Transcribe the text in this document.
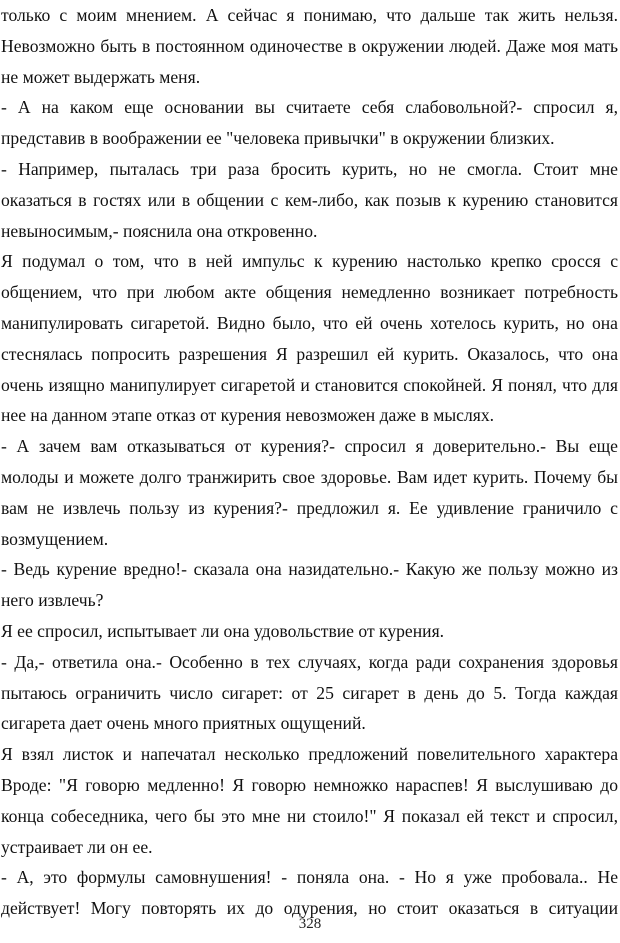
только с моим мнением. А сейчас я понимаю, что дальше так жить нельзя.
Невозможно быть в постоянном одиночестве в окружении людей. Даже моя мать
не может выдержать меня.
- А на каком еще основании вы считаете себя слабовольной?- спросил я,
представив в воображении ее "человека привычки" в окружении близких.
- Например, пыталась три раза бросить курить, но не смогла. Стоит мне
оказаться в гостях или в общении с кем-либо, как позыв к курению становится
невыносимым,- пояснила она откровенно.
Я подумал о том, что в ней импульс к курению настолько крепко сросся с
общением, что при любом акте общения немедленно возникает потребность
манипулировать сигаретой. Видно было, что ей очень хотелось курить, но она
стеснялась попросить разрешения Я разрешил ей курить. Оказалось, что она
очень изящно манипулирует сигаретой и становится спокойней. Я понял, что для
нее на данном этапе отказ от курения невозможен даже в мыслях.
- А зачем вам отказываться от курения?- спросил я доверительно.- Вы еще
молоды и можете долго транжирить свое здоровье. Вам идет курить. Почему бы
вам не извлечь пользу из курения?- предложил я. Ее удивление граничило с
возмущением.
- Ведь курение вредно!- сказала она назидательно.- Какую же пользу можно из
него извлечь?
Я ее спросил, испытывает ли она удовольствие от курения.
- Да,- ответила она.- Особенно в тех случаях, когда ради сохранения здоровья
пытаюсь ограничить число сигарет: от 25 сигарет в день до 5. Тогда каждая
сигарета дает очень много приятных ощущений.
Я взял листок и напечатал несколько предложений повелительного характера
Вроде: "Я говорю медленно! Я говорю немножко нараспев! Я выслушиваю до
конца собеседника, чего бы это мне ни стоило!" Я показал ей текст и спросил,
устраивает ли он ее.
- А, это формулы самовнушения! - поняла она. - Но я уже пробовала.. Не
действует! Могу повторять их до одурения, но стоит оказаться в ситуации
328
